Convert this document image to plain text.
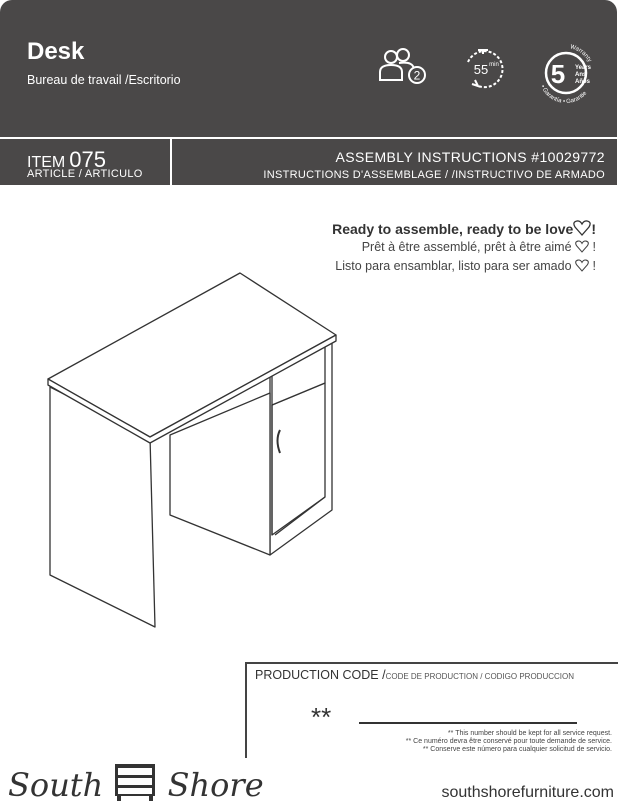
Desk
Bureau de travail /Escritorio	2	55 min 5 Years
Ans
Años
Warranty
• Garantía • Garantie
ITEM 075
ARTICLE / ARTICULO
ASSEMBLY INSTRUCTIONS #10029772
INSTRUCTIONS D'ASSEMBLAGE / /INSTRUCTIVO DE ARMADO
Ready to assemble, ready to be love !
Prêt à être assemblé, prêt à être aimé !
Listo para ensamblar, listo para ser amado !
PRODUCTION CODE /CODE DE PRODUCTION / CODIGO PRODUCCION
**
** This number should be kept for all service request.
** Ce numéro devra être conservé pour toute demande de service.
** Conserve este número para cualquier solicitud de servicio.
South Shore	southshorefurniture.com
